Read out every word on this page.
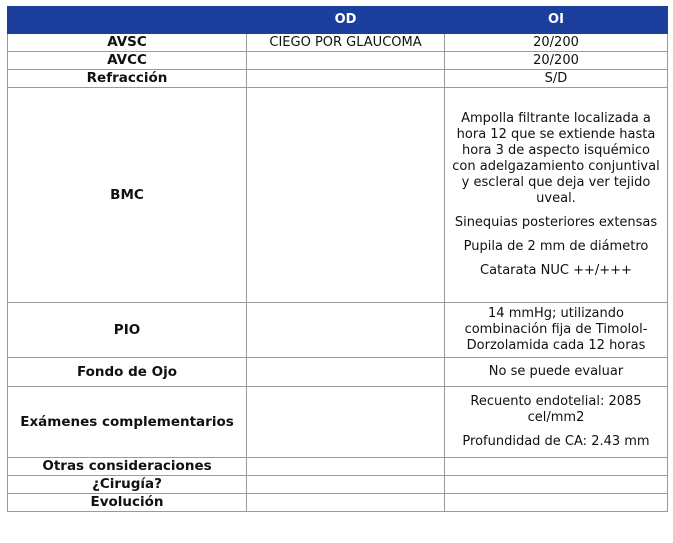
	OD	OI
AVSC	CIEGO POR GLAUCOMA	20/200
AVCC		20/200
Refracción		S/D
BMC		Ampolla filtrante localizada a hora 12 que se extiende hasta hora 3 de aspecto isquémico con adelgazamiento conjuntival y escleral que deja ver tejido uveal.

Sinequias posteriores extensas

Pupila de 2 mm de diámetro

Catarata NUC ++/+++

PIO		14 mmHg; utilizando combinación fija de Timolol-Dorzolamida cada 12 horas
Fondo de Ojo		No se puede evaluar
Exámenes complementarios		Recuento endotelial: 2085 cel/mm2

Profundidad de CA: 2.43 mm

Otras consideraciones		
¿Cirugía?		
Evolución		
